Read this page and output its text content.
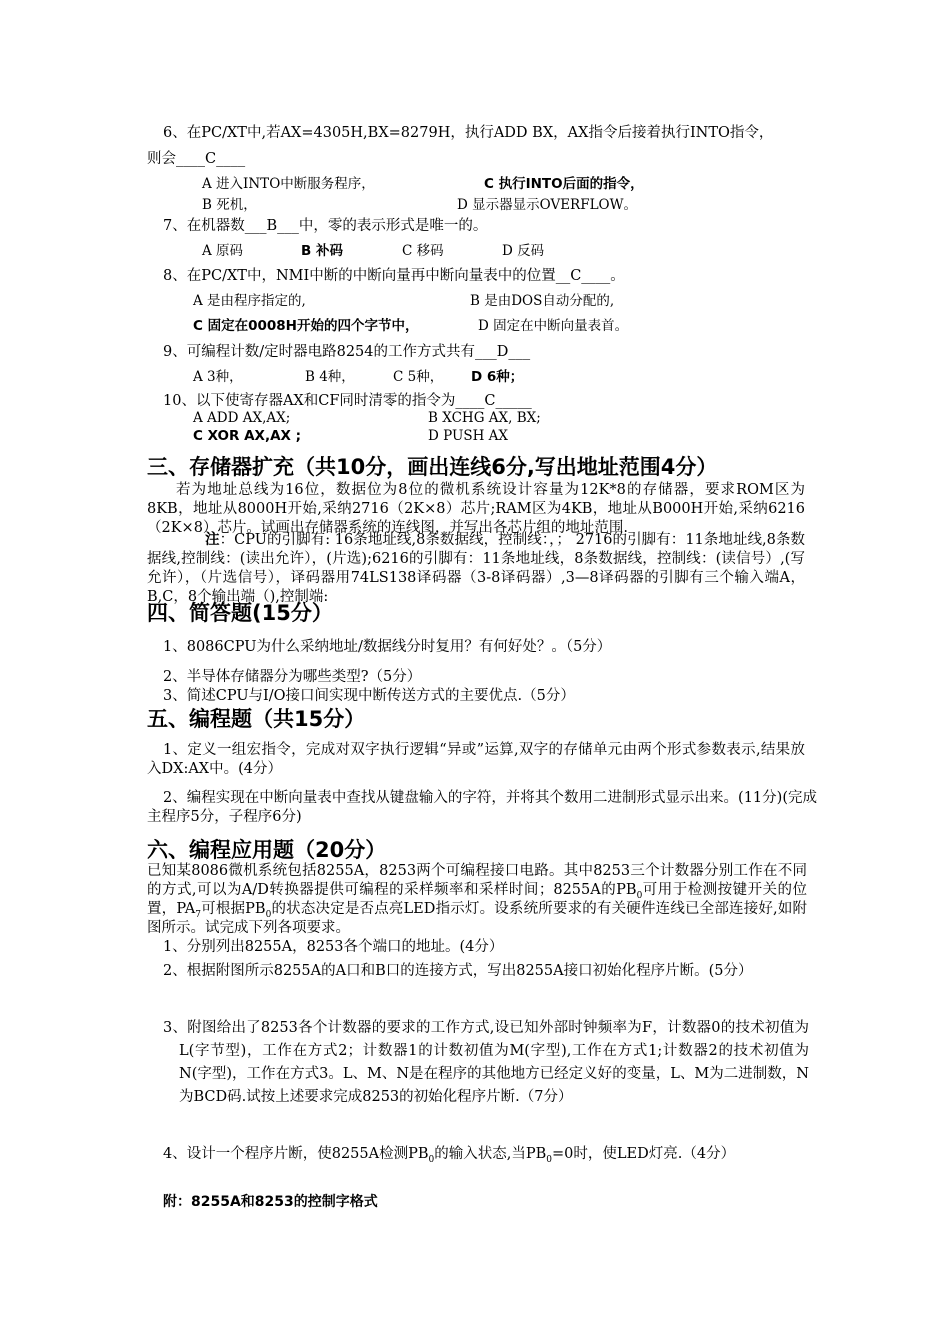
6、在PC/XT中,若AX=4305H,BX=8279H，执行ADD BX，AX指令后接着执行INTO指令，
则会____C____
A 进入INTO中断服务程序，	C 执行INTO后面的指令，
B 死机，	D 显示器显示OVERFLOW。
7、在机器数___B___中，零的表示形式是唯一的。
A 原码	B 补码	C 移码	D 反码
8、在PC/XT中，NMI中断的中断向量再中断向量表中的位置__C____。
A 是由程序指定的,	B 是由DOS自动分配的,
C 固定在0008H开始的四个字节中，	D 固定在中断向量表首。
9、可编程计数/定时器电路8254的工作方式共有___D___
A 3种，	B 4种，	C 5种， D 6种；
10、以下使寄存器AX和CF同时清零的指令为____C_____
A ADD AX,AX;	B XCHG AX, BX;
C XOR AX,AX ;	D PUSH AX
三、存储器扩充（共10分，画出连线6分,写出地址范围4分）
若为地址总线为16位，数据位为8位的微机系统设计容量为12K*8的存储器，要求ROM区为8KB，地址从8000H开始,采纳2716（2K×8）芯片;RAM区为4KB，地址从B000H开始,采纳6216（2K×8）芯片。试画出存储器系统的连线图，并写出各芯片组的地址范围.
注：CPU的引脚有: 16条地址线,8条数据线，控制线：，； 2716的引脚有：11条地址线,8条数据线,控制线：(读出允许），(片选);6216的引脚有：11条地址线，8条数据线，控制线：(读信号）,(写允许），（片选信号），译码器用74LS138译码器（3-8译码器）,3—8译码器的引脚有三个输入端A，B,C，8个输出端（),控制端:
四、简答题(15分）
1、8086CPU为什么采纳地址/数据线分时复用？有何好处？。（5分）
2、半导体存储器分为哪些类型?（5分）
3、简述CPU与I/O接口间实现中断传送方式的主要优点.（5分）
五、编程题（共15分）
1、定义一组宏指令，完成对双字执行逻辑“异或”运算,双字的存储单元由两个形式参数表示,结果放入DX:AX中。(4分）
2、编程实现在中断向量表中查找从键盘输入的字符，并将其个数用二进制形式显示出来。(11分)(完成主程序5分，子程序6分)
六、编程应用题（20分）
已知某8086微机系统包括8255A，8253两个可编程接口电路。其中8253三个计数器分别工作在不同的方式,可以为A/D转换器提供可编程的采样频率和采样时间；8255A的$PB_0$可用于检测按键开关的位置，$PA_7$可根据$PB_0$的状态决定是否点亮LED指示灯。设系统所要求的有关硬件连线已全部连接好,如附图所示。试完成下列各项要求。
1、分别列出8255A，8253各个端口的地址。(4分）
2、根据附图所示8255A的A口和B口的连接方式，写出8255A接口初始化程序片断。(5分）
3、附图给出了8253各个计数器的要求的工作方式,设已知外部时钟频率为F，计数器0的技术初值为L(字节型)，工作在方式2；计数器1的计数初值为M(字型),工作在方式1;计数器2的技术初值为N(字型)，工作在方式3。L、M、N是在程序的其他地方已经定义好的变量，L、M为二进制数，N为BCD码.试按上述要求完成8253的初始化程序片断.（7分）
4、设计一个程序片断，使8255A检测$PB_0$的输入状态,当$PB_0=0$时，使LED灯亮.（4分）
附：8255A和8253的控制字格式
